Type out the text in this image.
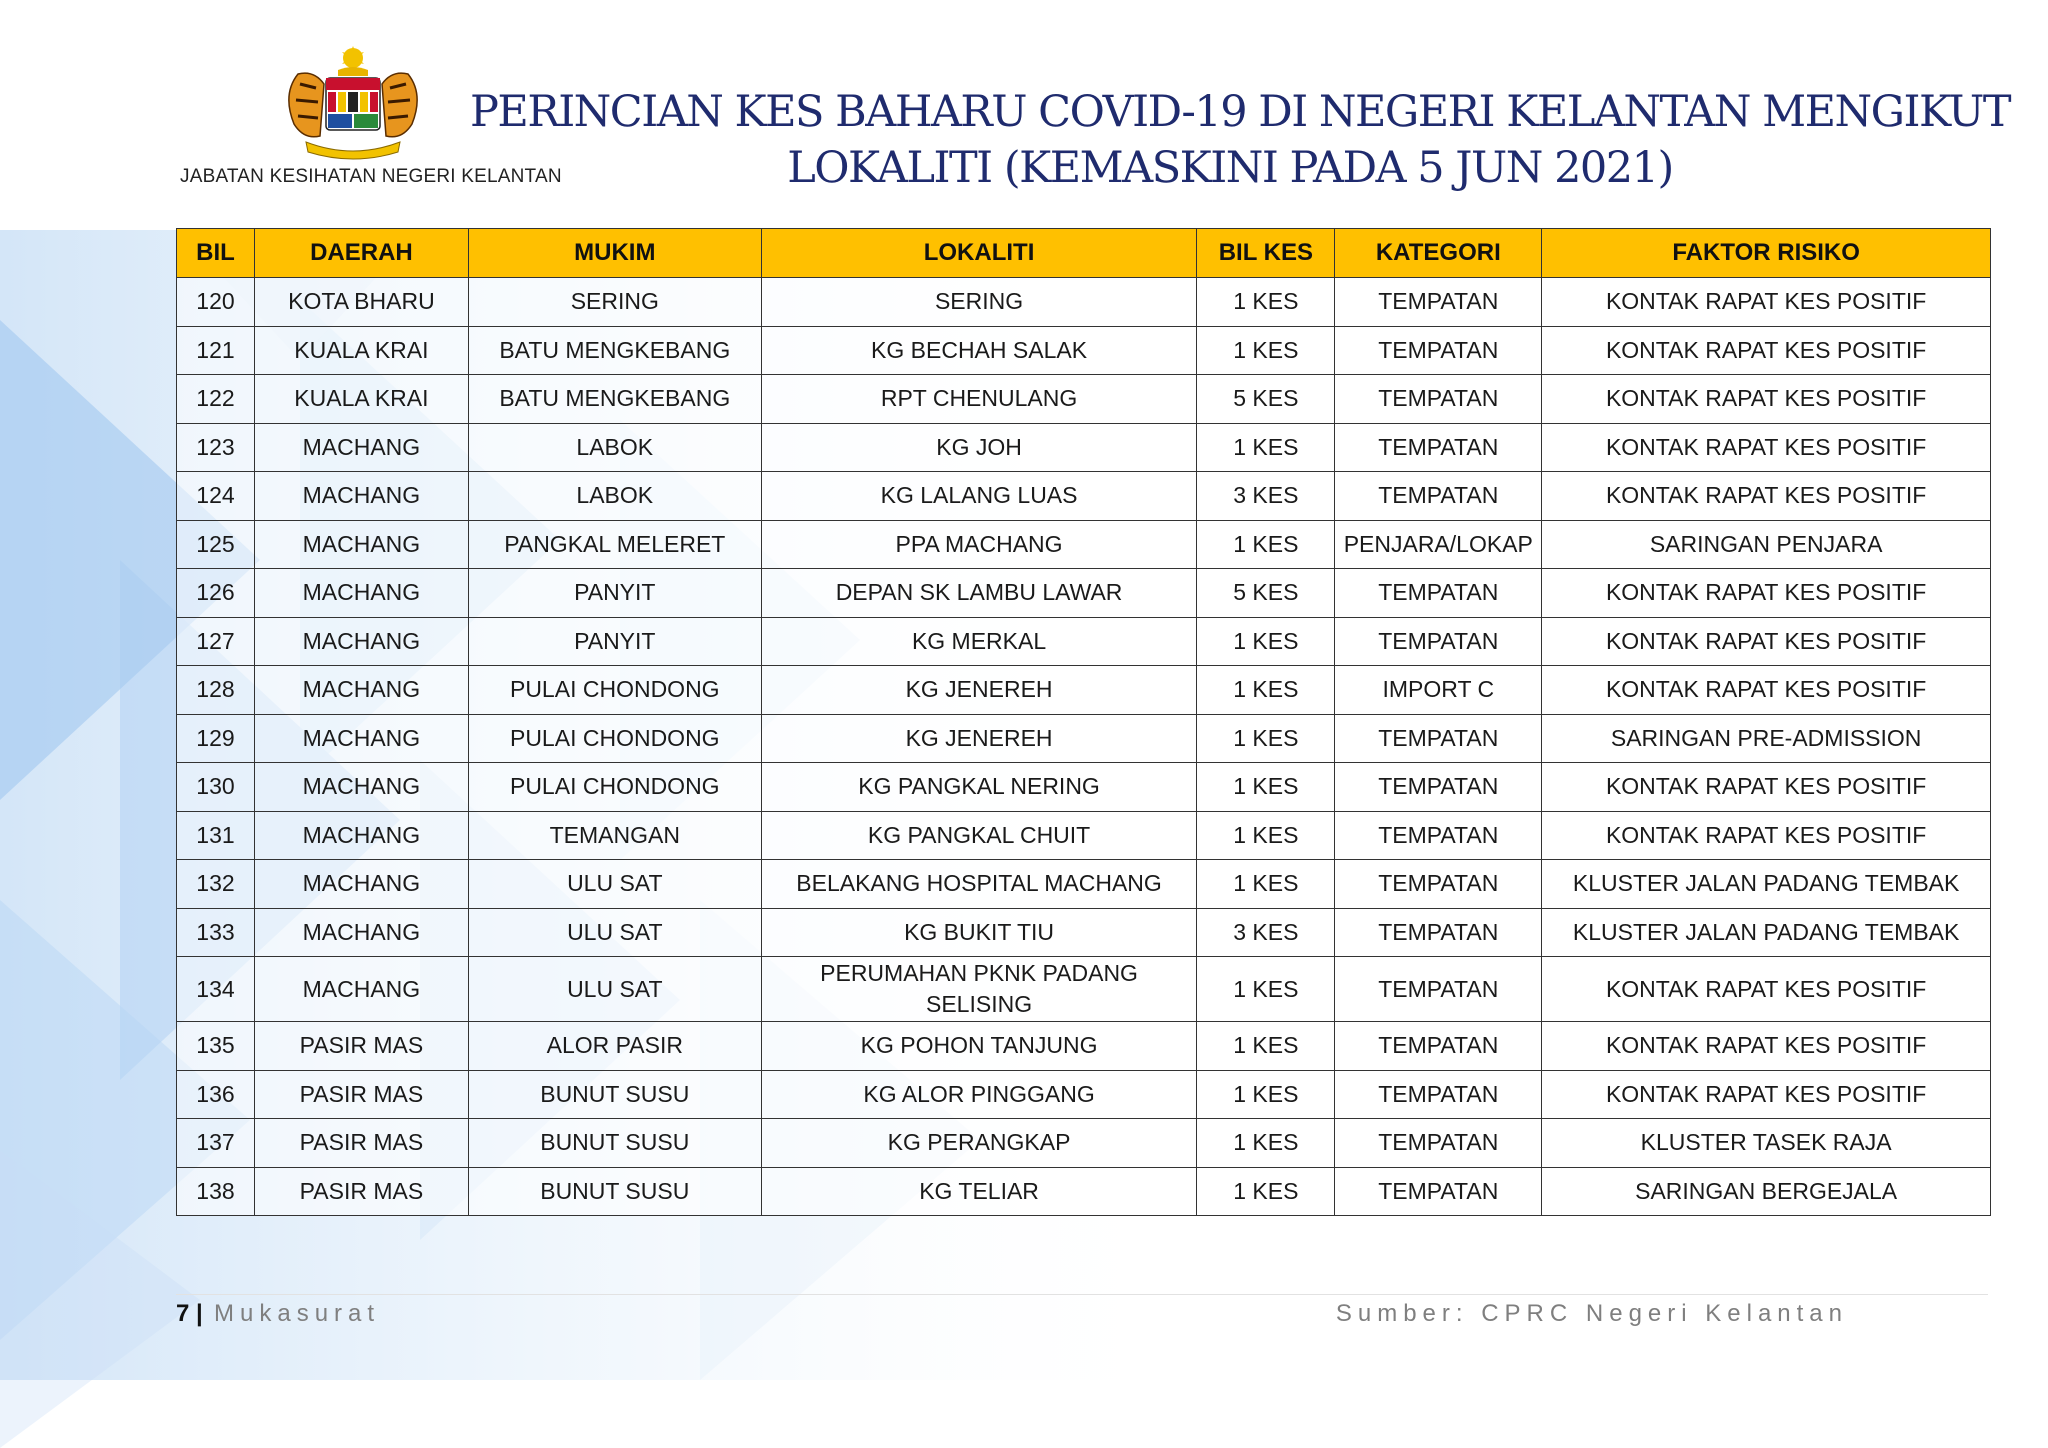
JABATAN KESIHATAN NEGERI KELANTAN
PERINCIAN KES BAHARU COVID-19 DI NEGERI KELANTAN MENGIKUT
LOKALITI (KEMASKINI PADA 5 JUN 2021)
BIL	DAERAH	MUKIM	LOKALITI	BIL KES	KATEGORI	FAKTOR RISIKO
120	KOTA BHARU	SERING	SERING	1 KES	TEMPATAN	KONTAK RAPAT KES POSITIF
121	KUALA KRAI	BATU MENGKEBANG	KG BECHAH SALAK	1 KES	TEMPATAN	KONTAK RAPAT KES POSITIF
122	KUALA KRAI	BATU MENGKEBANG	RPT CHENULANG	5 KES	TEMPATAN	KONTAK RAPAT KES POSITIF
123	MACHANG	LABOK	KG JOH	1 KES	TEMPATAN	KONTAK RAPAT KES POSITIF
124	MACHANG	LABOK	KG LALANG LUAS	3 KES	TEMPATAN	KONTAK RAPAT KES POSITIF
125	MACHANG	PANGKAL MELERET	PPA MACHANG	1 KES	PENJARA/LOKAP	SARINGAN PENJARA
126	MACHANG	PANYIT	DEPAN SK LAMBU LAWAR	5 KES	TEMPATAN	KONTAK RAPAT KES POSITIF
127	MACHANG	PANYIT	KG MERKAL	1 KES	TEMPATAN	KONTAK RAPAT KES POSITIF
128	MACHANG	PULAI CHONDONG	KG JENEREH	1 KES	IMPORT C	KONTAK RAPAT KES POSITIF
129	MACHANG	PULAI CHONDONG	KG JENEREH	1 KES	TEMPATAN	SARINGAN PRE-ADMISSION
130	MACHANG	PULAI CHONDONG	KG PANGKAL NERING	1 KES	TEMPATAN	KONTAK RAPAT KES POSITIF
131	MACHANG	TEMANGAN	KG PANGKAL CHUIT	1 KES	TEMPATAN	KONTAK RAPAT KES POSITIF
132	MACHANG	ULU SAT	BELAKANG HOSPITAL MACHANG	1 KES	TEMPATAN	KLUSTER JALAN PADANG TEMBAK
133	MACHANG	ULU SAT	KG BUKIT TIU	3 KES	TEMPATAN	KLUSTER JALAN PADANG TEMBAK
134	MACHANG	ULU SAT	PERUMAHAN PKNK PADANG SELISING	1 KES	TEMPATAN	KONTAK RAPAT KES POSITIF
135	PASIR MAS	ALOR PASIR	KG POHON TANJUNG	1 KES	TEMPATAN	KONTAK RAPAT KES POSITIF
136	PASIR MAS	BUNUT SUSU	KG ALOR PINGGANG	1 KES	TEMPATAN	KONTAK RAPAT KES POSITIF
137	PASIR MAS	BUNUT SUSU	KG PERANGKAP	1 KES	TEMPATAN	KLUSTER TASEK RAJA
138	PASIR MAS	BUNUT SUSU	KG TELIAR	1 KES	TEMPATAN	SARINGAN BERGEJALA
7 | Mukasurat	Sumber: CPRC Negeri Kelantan
